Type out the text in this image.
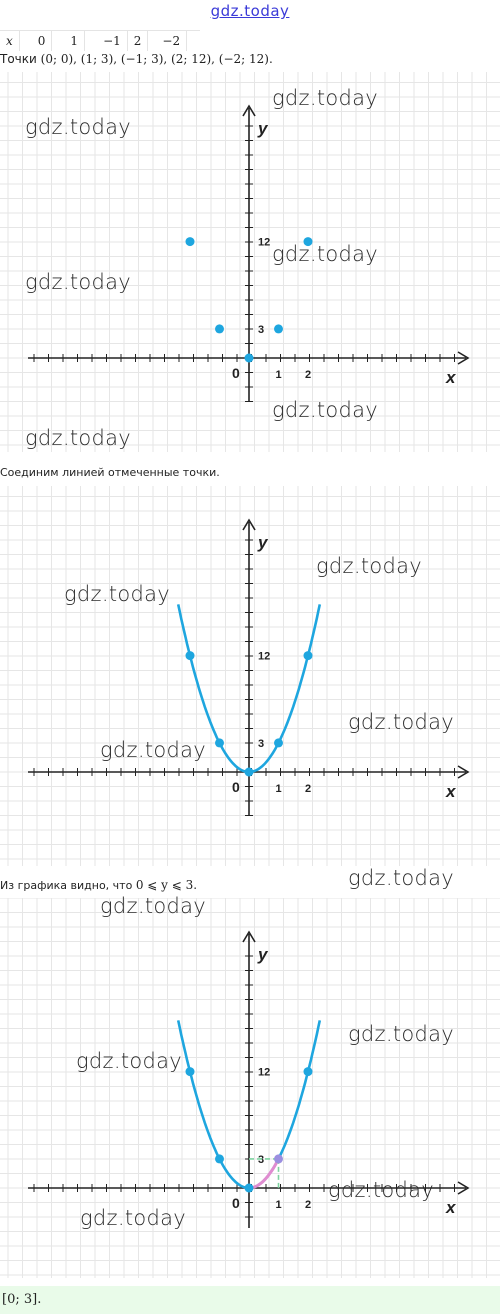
gdz.today
x	0	1	−1	2	−2
Точки (0; 0), (1; 3), (−1; 3), (2; 12), (−2; 12).
x
y
0	1 2
3
12
Соединим линией отмеченные точки.
x
y
0	1 2
3
12
Из графика видно, что 0 ⩽ y ⩽ 3.
x
y
0	1 2
3
12
[0; 3].
gdz.today
gdz.today
gdz.today
gdz.today
gdz.today
gdz.today
gdz.today
gdz.today
gdz.today
gdz.today
gdz.today
gdz.today
gdz.today
gdz.today
gdz.today
gdz.today
